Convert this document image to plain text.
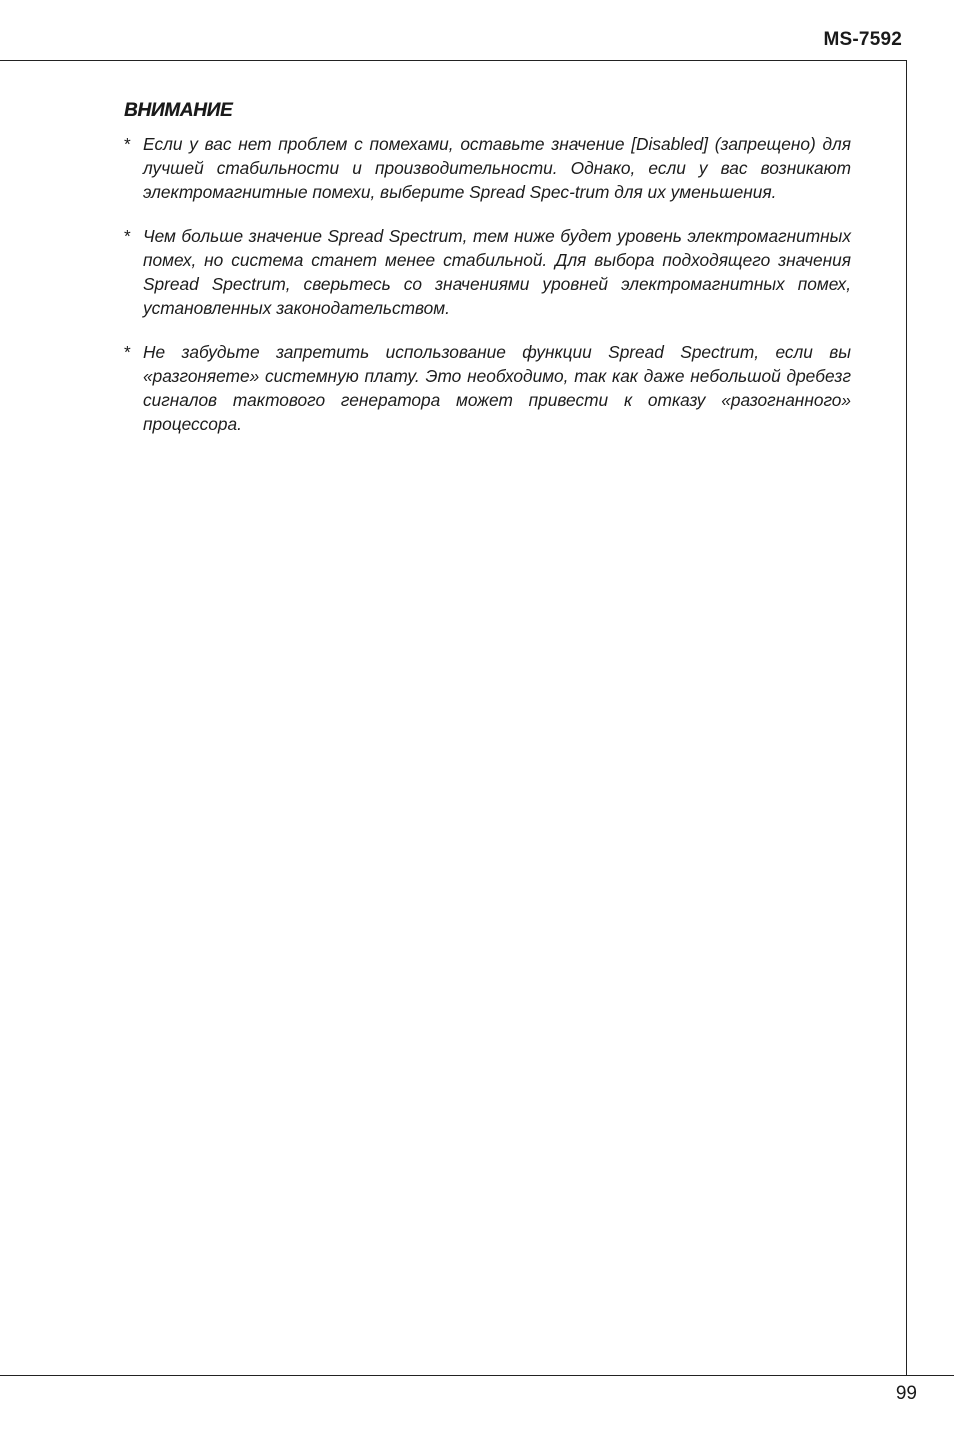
MS-7592
ВНИМАНИЕ
* Если у вас нет проблем с помехами, оставьте значение [Disabled] (запрещено) для лучшей стабильности и производительности. Однако, если у вас возникают электромагнитные помехи, выберите Spread Spec-trum для их уменьшения.
* Чем больше значение Spread Spectrum, тем ниже будет уровень электромагнитных помех, но система станет менее стабильной. Для выбора подходящего значения Spread Spectrum, сверьтесь со значениями уровней электромагнитных помех, установленных законодательством.
* Не забудьте запретить использование функции Spread Spectrum, если вы «разгоняете» системную плату. Это необходимо, так как даже небольшой дребезг сигналов тактового генератора может привести к отказу «разогнанного» процессора.
99
